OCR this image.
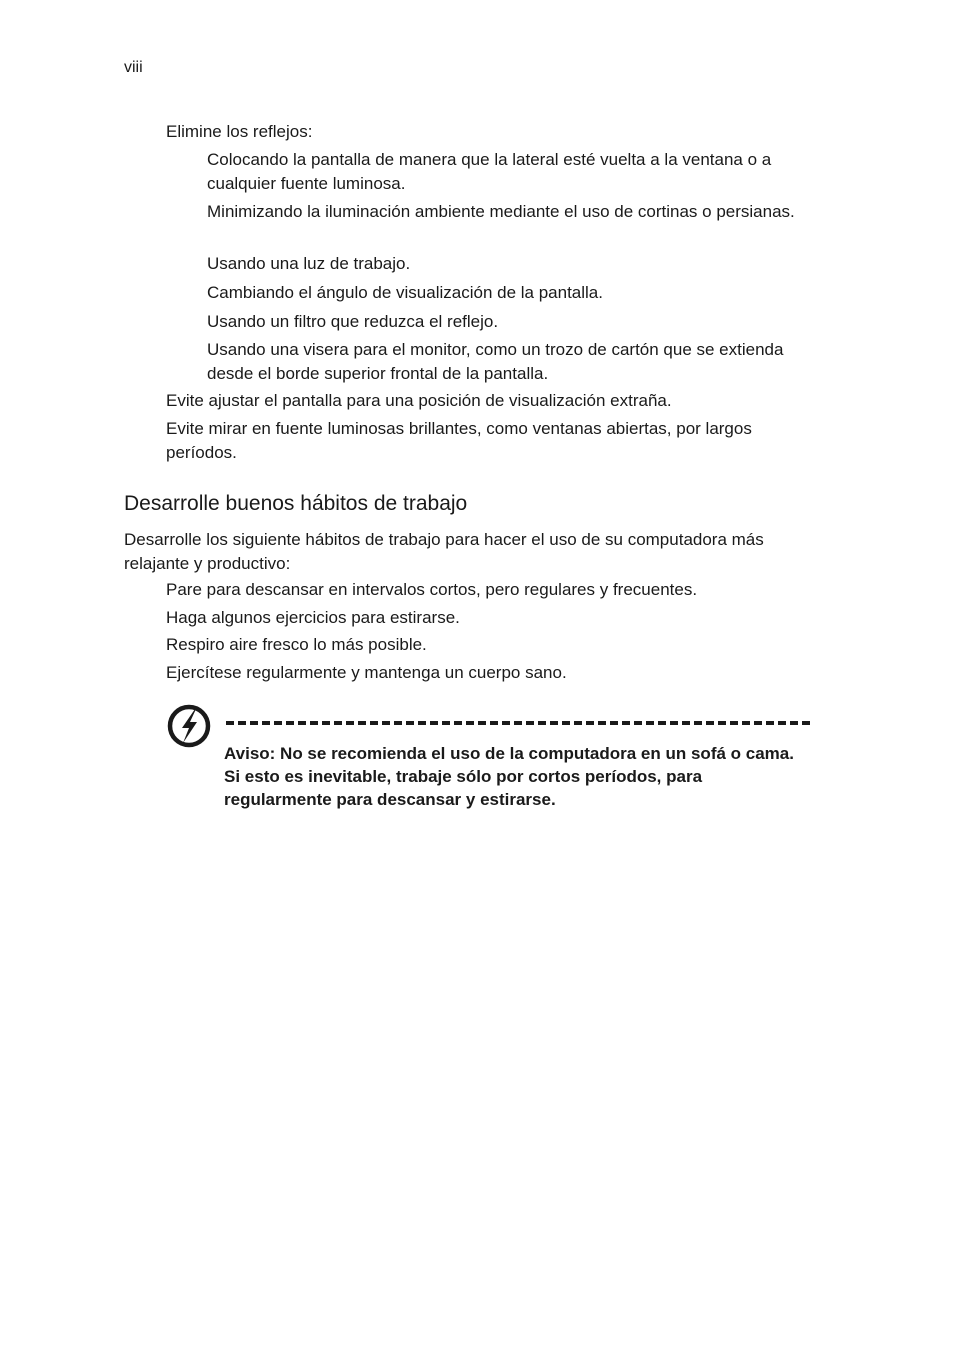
viii

Elimine los reflejos:

Colocando la pantalla de manera que la lateral esté vuelta a la ventana o a cualquier fuente luminosa.

Minimizando la iluminación ambiente mediante el uso de cortinas o persianas.

Usando una luz de trabajo.

Cambiando el ángulo de visualización de la pantalla.

Usando un filtro que reduzca el reflejo.

Usando una visera para el monitor, como un trozo de cartón que se extienda desde el borde superior frontal de la pantalla.

Evite ajustar el pantalla para una posición de visualización extraña.

Evite mirar en fuente luminosas brillantes, como ventanas abiertas, por largos períodos.

Desarrolle buenos hábitos de trabajo

Desarrolle los siguiente hábitos de trabajo para hacer el uso de su computadora más relajante y productivo:

Pare para descansar en intervalos cortos, pero regulares y frecuentes.

Haga algunos ejercicios para estirarse.

Respiro aire fresco lo más posible.

Ejercítese regularmente y mantenga un cuerpo sano.

Aviso: No se recomienda el uso de la computadora en un sofá o cama. Si esto es inevitable, trabaje sólo por cortos períodos, para regularmente para descansar y estirarse.
